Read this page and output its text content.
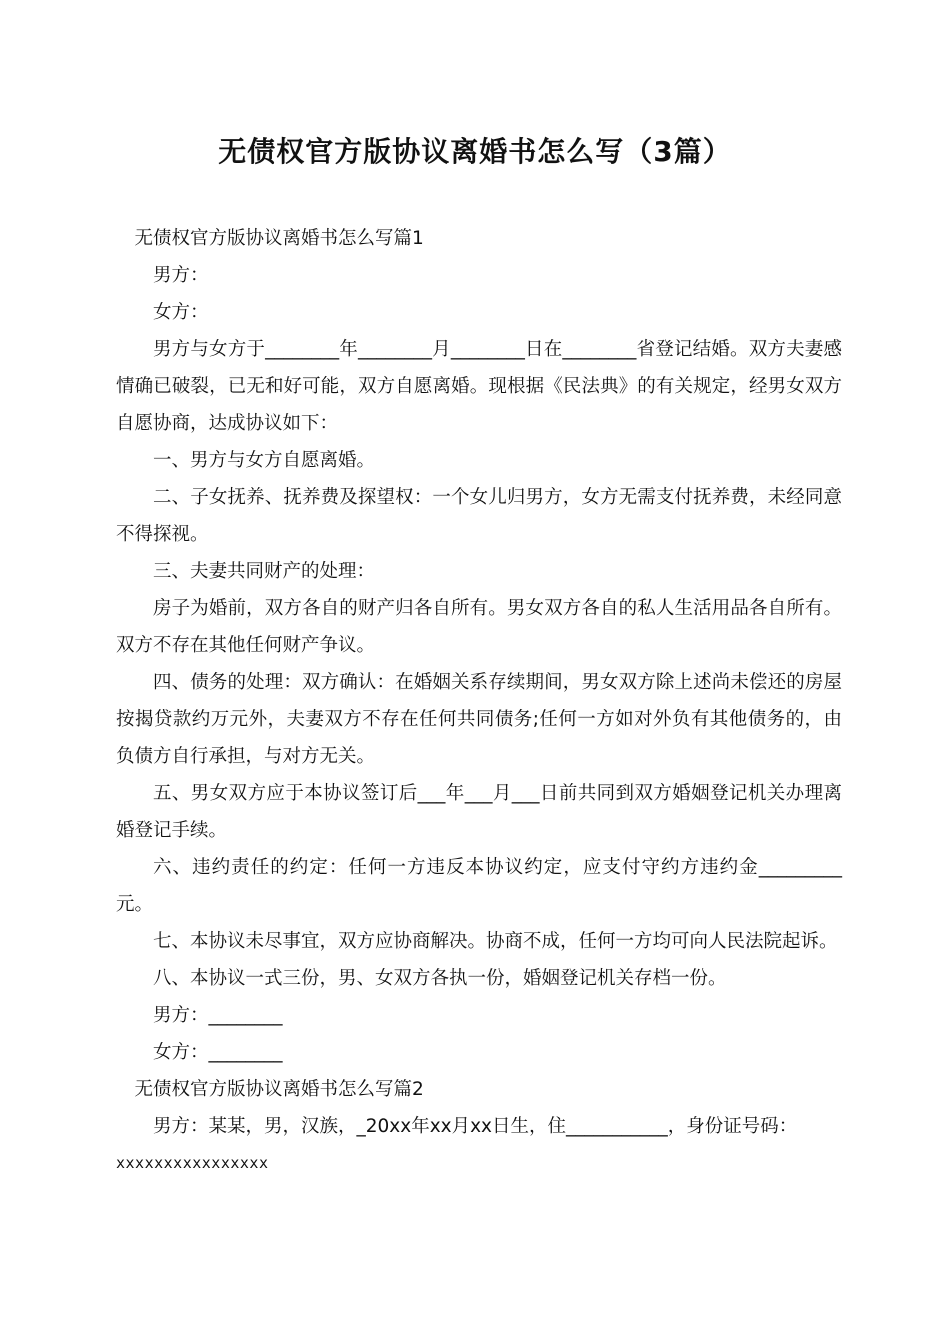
无债权官方版协议离婚书怎么写（3篇）

无债权官方版协议离婚书怎么写篇1

男方：

女方：

男方与女方于________年________月________日在________省登记结婚。双方夫妻感情确已破裂，已无和好可能，双方自愿离婚。现根据《民法典》的有关规定，经男女双方自愿协商，达成协议如下：

一、男方与女方自愿离婚。

二、子女抚养、抚养费及探望权：一个女儿归男方，女方无需支付抚养费，未经同意不得探视。

三、夫妻共同财产的处理：

房子为婚前，双方各自的财产归各自所有。男女双方各自的私人生活用品各自所有。双方不存在其他任何财产争议。

四、债务的处理：双方确认：在婚姻关系存续期间，男女双方除上述尚未偿还的房屋按揭贷款约万元外，夫妻双方不存在任何共同债务;任何一方如对外负有其他债务的，由负债方自行承担，与对方无关。

五、男女双方应于本协议签订后___年___月___日前共同到双方婚姻登记机关办理离婚登记手续。

六、违约责任的约定：任何一方违反本协议约定，应支付守约方违约金_________元。

七、本协议未尽事宜，双方应协商解决。协商不成，任何一方均可向人民法院起诉。

八、本协议一式三份，男、女双方各执一份，婚姻登记机关存档一份。

男方：________

女方：________

无债权官方版协议离婚书怎么写篇2

男方：某某，男，汉族，_20xx年xx月xx日生，住___________，身份证号码：

xxxxxxxxxxxxxxxx
